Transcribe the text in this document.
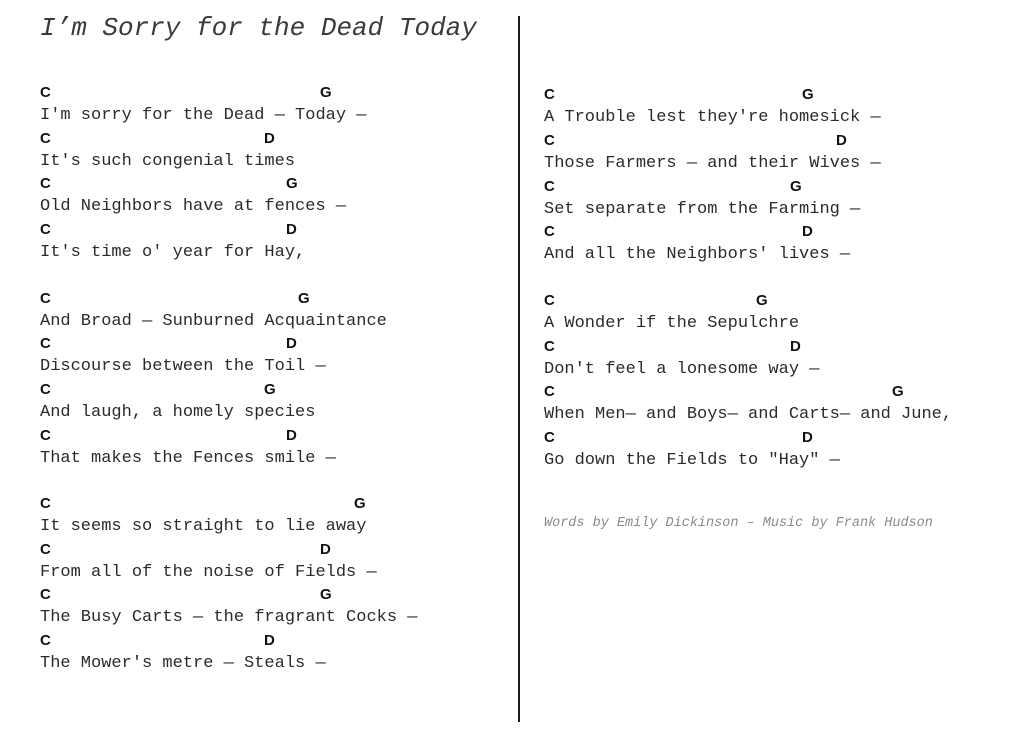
I’m Sorry for the Dead Today

C

	G

I'm sorry for the Dead — Today —

C

	D

It's such congenial times

C

	G

Old Neighbors have at fences —

C

	D

It's time o' year for Hay,

C

	G

And Broad — Sunburned Acquaintance

C

	D

Discourse between the Toil —

C

	G

And laugh, a homely species

C

	D

That makes the Fences smile —

C

	G

It seems so straight to lie away

C

	D

From all of the noise of Fields —

C

	G

The Busy Carts — the fragrant Cocks —

C

	D

The Mower's metre — Steals —

C

	G

A Trouble lest they're homesick —

C

	D

Those Farmers — and their Wives —

C

	G

Set separate from the Farming —

C

	D

And all the Neighbors' lives —

C

	G

A Wonder if the Sepulchre

C

	D

Don't feel a lonesome way —

C

	G

When Men— and Boys— and Carts— and June,

C

	D

Go down the Fields to "Hay" —

Words by Emily Dickinson – Music by Frank Hudson
